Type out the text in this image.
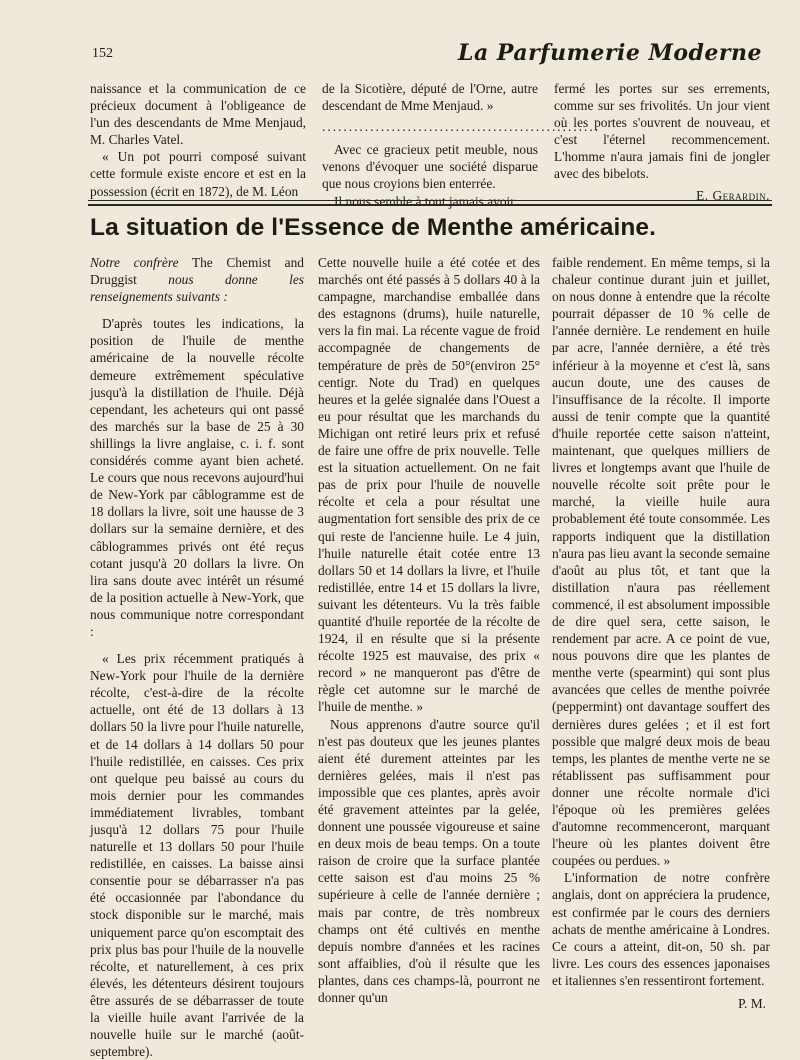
152	La Parfumerie Moderne

naissance et la communication de ce précieux document à l'obligeance de l'un des descendants de Mme Menjaud, M. Charles Vatel.

« Un pot pourri composé suivant cette formule existe encore et est en la possession (écrit en 1872), de M. Léon

de la Sicotière, député de l'Orne, autre descendant de Mme Menjaud. »

....................................................

Avec ce gracieux petit meuble, nous venons d'évoquer une société disparue que nous croyions bien enterrée.

Il nous semble à tout jamais avoir

fermé les portes sur ses errements, comme sur ses frivolités. Un jour vient où les portes s'ouvrent de nouveau, et c'est l'éternel recommencement. L'homme n'aura jamais fini de jongler avec des bibelots.

E. Gerardin.
La situation de l'Essence de Menthe américaine.

Notre confrère The Chemist and Druggist nous donne les renseignements suivants :

D'après toutes les indications, la position de l'huile de menthe américaine de la nouvelle récolte demeure extrêmement spéculative jusqu'à la distillation de l'huile. Déjà cependant, les acheteurs qui ont passé des marchés sur la base de 25 à 30 shillings la livre anglaise, c. i. f. sont considérés comme ayant bien acheté. Le cours que nous recevons aujourd'hui de New-York par câblogramme est de 18 dollars la livre, soit une hausse de 3 dollars sur la semaine dernière, et des câblogrammes privés ont été reçus cotant jusqu'à 20 dollars la livre. On lira sans doute avec intérêt un résumé de la position actuelle à New-York, que nous communique notre correspondant :

« Les prix récemment pratiqués à New-York pour l'huile de la dernière récolte, c'est-à-dire de la récolte actuelle, ont été de 13 dollars à 13 dollars 50 la livre pour l'huile naturelle, et de 14 dollars à 14 dollars 50 pour l'huile redistillée, en caisses. Ces prix ont quelque peu baissé au cours du mois dernier pour les commandes immédiatement livrables, tombant jusqu'à 12 dollars 75 pour l'huile naturelle et 13 dollars 50 pour l'huile redistillée, en caisses. La baisse ainsi consentie pour se débarrasser n'a pas été occasionnée par l'abondance du stock disponible sur le marché, mais uniquement parce qu'on escomptait des prix plus bas pour l'huile de la nouvelle récolte, et naturellement, à ces prix élevés, les détenteurs désirent toujours être assurés de se débarrasser de toute la vieille huile avant l'arrivée de la nouvelle huile sur le marché (août-septembre).

Cette nouvelle huile a été cotée et des marchés ont été passés à 5 dollars 40 à la campagne, marchandise emballée dans des estagnons (drums), huile naturelle, vers la fin mai. La récente vague de froid accompagnée de changements de température de près de 50°(environ 25° centigr. Note du Trad) en quelques heures et la gelée signalée dans l'Ouest a eu pour résultat que les marchands du Michigan ont retiré leurs prix et refusé de faire une offre de prix nouvelle. Telle est la situation actuellement. On ne fait pas de prix pour l'huile de nouvelle récolte et cela a pour résultat une augmentation fort sensible des prix de ce qui reste de l'ancienne huile. Le 4 juin, l'huile naturelle était cotée entre 13 dollars 50 et 14 dollars la livre, et l'huile redistillée, entre 14 et 15 dollars la livre, suivant les détenteurs. Vu la très faible quantité d'huile reportée de la récolte de 1924, il en résulte que si la présente récolte 1925 est mauvaise, des prix « record » ne manqueront pas d'être de règle cet automne sur le marché de l'huile de menthe. »

Nous apprenons d'autre source qu'il n'est pas douteux que les jeunes plantes aient été durement atteintes par les dernières gelées, mais il n'est pas impossible que ces plantes, après avoir été gravement atteintes par la gelée, donnent une poussée vigoureuse et saine en deux mois de beau temps. On a toute raison de croire que la surface plantée cette saison est d'au moins 25 % supérieure à celle de l'année dernière ; mais par contre, de très nombreux champs ont été cultivés en menthe depuis nombre d'années et les racines sont affaiblies, d'où il résulte que les plantes, dans ces champs-là, pourront ne donner qu'un

faible rendement. En même temps, si la chaleur continue durant juin et juillet, on nous donne à entendre que la récolte pourrait dépasser de 10 % celle de l'année dernière. Le rendement en huile par acre, l'année dernière, a été très inférieur à la moyenne et c'est là, sans aucun doute, une des causes de l'insuffisance de la récolte. Il importe aussi de tenir compte que la quantité d'huile reportée cette saison n'atteint, maintenant, que quelques milliers de livres et longtemps avant que l'huile de nouvelle récolte soit prête pour le marché, la vieille huile aura probablement été toute consommée. Les rapports indiquent que la distillation n'aura pas lieu avant la seconde semaine d'août au plus tôt, et tant que la distillation n'aura pas réellement commencé, il est absolument impossible de dire quel sera, cette saison, le rendement par acre. A ce point de vue, nous pouvons dire que les plantes de menthe verte (spearmint) qui sont plus avancées que celles de menthe poivrée (peppermint) ont davantage souffert des dernières dures gelées ; et il est fort possible que malgré deux mois de beau temps, les plantes de menthe verte ne se rétablissent pas suffisamment pour donner une récolte normale d'ici l'époque où les premières gelées d'automne recommenceront, marquant l'heure où les plantes doivent être coupées ou perdues. »

L'information de notre confrère anglais, dont on appréciera la prudence, est confirmée par le cours des derniers achats de menthe américaine à Londres. Ce cours a atteint, dit-on, 50 sh. par livre. Les cours des essences japonaises et italiennes s'en ressentiront fortement.

P. M.
